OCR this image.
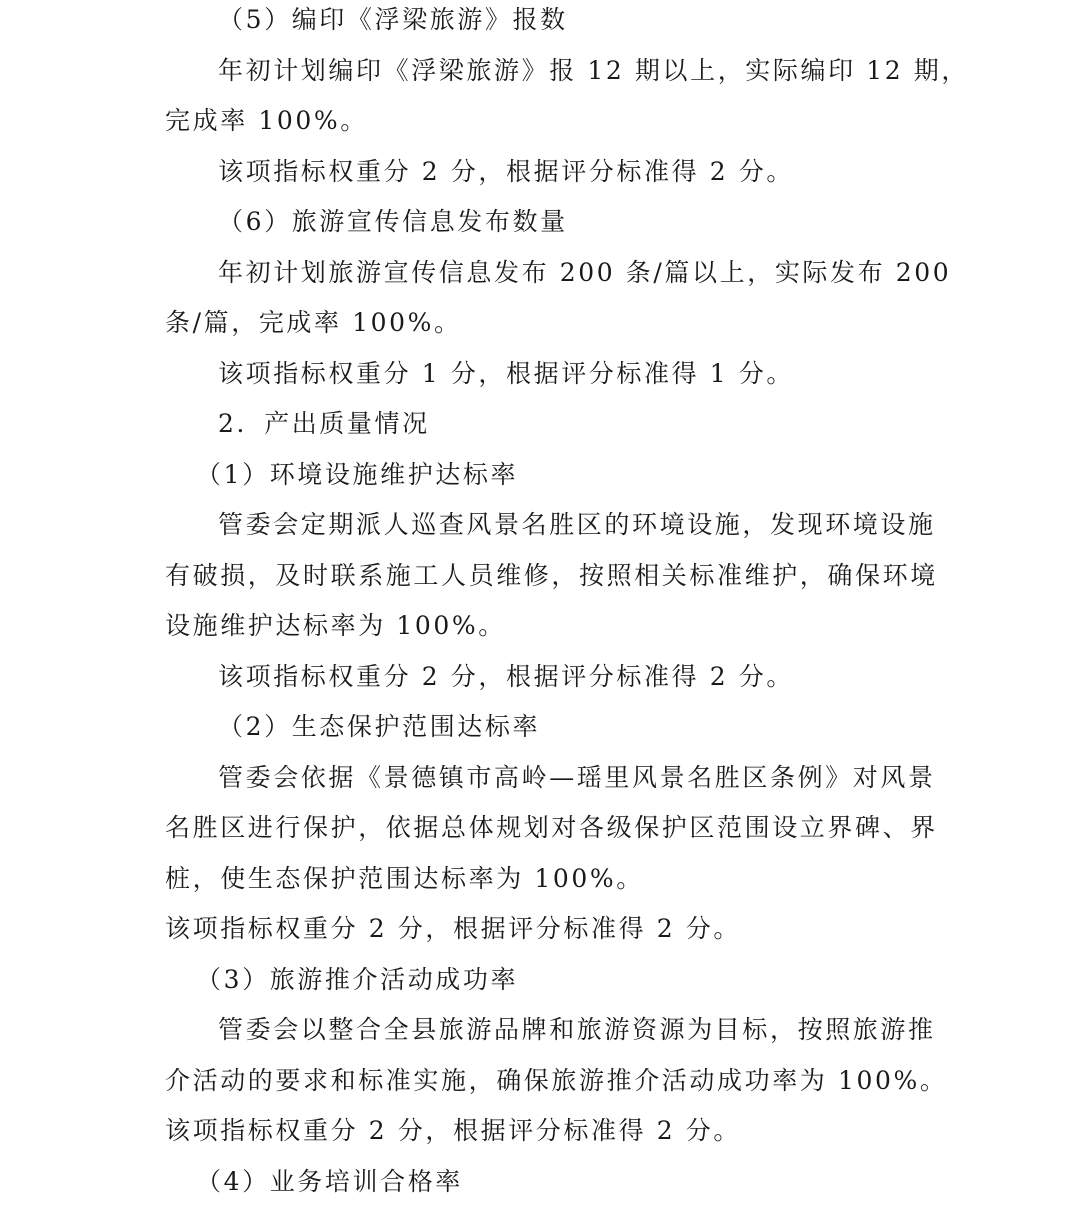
（5）编印《浮梁旅游》报数
年初计划编印《浮梁旅游》报 12 期以上，实际编印 12 期，
完成率 100%。
该项指标权重分 2 分，根据评分标准得 2 分。
（6）旅游宣传信息发布数量
年初计划旅游宣传信息发布 200 条/篇以上，实际发布 200
条/篇，完成率 100%。
该项指标权重分 1 分，根据评分标准得 1 分。
2．产出质量情况
（1）环境设施维护达标率
管委会定期派人巡查风景名胜区的环境设施，发现环境设施
有破损，及时联系施工人员维修，按照相关标准维护，确保环境
设施维护达标率为 100%。
该项指标权重分 2 分，根据评分标准得 2 分。
（2）生态保护范围达标率
管委会依据《景德镇市高岭—瑶里风景名胜区条例》对风景
名胜区进行保护，依据总体规划对各级保护区范围设立界碑、界
桩，使生态保护范围达标率为 100%。
该项指标权重分 2 分，根据评分标准得 2 分。
（3）旅游推介活动成功率
管委会以整合全县旅游品牌和旅游资源为目标，按照旅游推
介活动的要求和标准实施，确保旅游推介活动成功率为 100%。
该项指标权重分 2 分，根据评分标准得 2 分。
（4）业务培训合格率
